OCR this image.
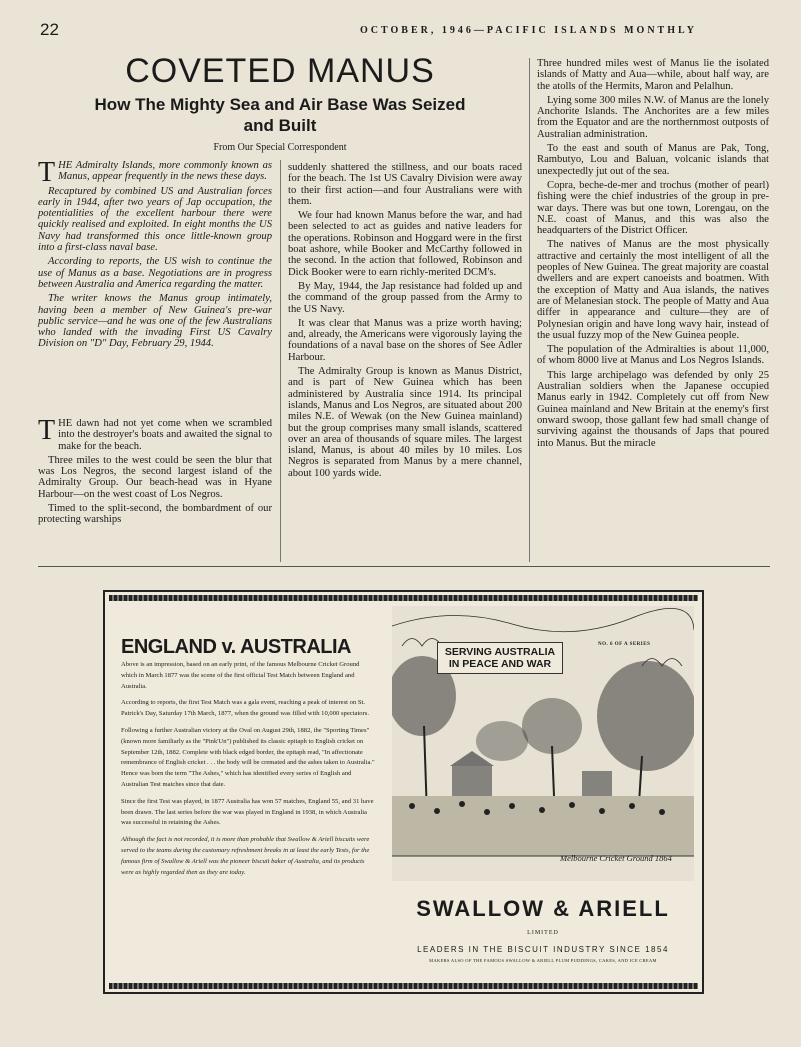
22	OCTOBER, 1946—PACIFIC ISLANDS MONTHLY
COVETED MANUS
How The Mighty Sea and Air Base Was Seized
and Built
From Our Special Correspondent

THE Admiralty Islands, more commonly known as Manus, appear frequently in the news these days.

Recaptured by combined US and Australian forces early in 1944, after two years of Jap occupation, the potentialities of the excellent harbour there were quickly realised and exploited. In eight months the US Navy had transformed this once little-known group into a first-class naval base.

According to reports, the US wish to continue the use of Manus as a base. Negotiations are in progress between Australia and America regarding the matter.

The writer knows the Manus group intimately, having been a member of New Guinea's pre-war public service—and he was one of the few Australians who landed with the invading First US Cavalry Division on "D" Day, February 29, 1944.

THE dawn had not yet come when we scrambled into the destroyer's boats and awaited the signal to make for the beach.

Three miles to the west could be seen the blur that was Los Negros, the second largest island of the Admiralty Group. Our beach-head was in Hyane Harbour—on the west coast of Los Negros.

Timed to the split-second, the bombardment of our protecting warships

suddenly shattered the stillness, and our boats raced for the beach. The 1st US Cavalry Division were away to their first action—and four Australians were with them.

We four had known Manus before the war, and had been selected to act as guides and native leaders for the operations. Robinson and Hoggard were in the first boat ashore, while Booker and McCarthy followed in the second. In the action that followed, Robinson and Dick Booker were to earn richly-merited DCM's.

By May, 1944, the Jap resistance had folded up and the command of the group passed from the Army to the US Navy.

It was clear that Manus was a prize worth having; and, already, the Americans were vigorously laying the foundations of a naval base on the shores of See Adler Harbour.

The Admiralty Group is known as Manus District, and is part of New Guinea which has been administered by Australia since 1914. Its principal islands, Manus and Los Negros, are situated about 200 miles N.E. of Wewak (on the New Guinea mainland) but the group comprises many small islands, scattered over an area of thousands of square miles. The largest island, Manus, is about 40 miles by 10 miles. Los Negros is separated from Manus by a mere channel, about 100 yards wide.

Three hundred miles west of Manus lie the isolated islands of Matty and Aua—while, about half way, are the atolls of the Hermits, Maron and Pelalhun.

Lying some 300 miles N.W. of Manus are the lonely Anchorite Islands. The Anchorites are a few miles from the Equator and are the northernmost outposts of Australian administration.

To the east and south of Manus are Pak, Tong, Rambutyo, Lou and Baluan, volcanic islands that unexpectedly jut out of the sea.

Copra, beche-de-mer and trochus (mother of pearl) fishing were the chief industries of the group in pre-war days. There was but one town, Lorengau, on the N.E. coast of Manus, and this was also the headquarters of the District Officer.

The natives of Manus are the most physically attractive and certainly the most intelligent of all the peoples of New Guinea. The great majority are coastal dwellers and are expert canoeists and boatmen. With the exception of Matty and Aua islands, the natives are of Melanesian stock. The people of Matty and Aua differ in appearance and culture—they are of Polynesian origin and have long wavy hair, instead of the usual fuzzy mop of the New Guinea people.

The population of the Admiralties is about 11,000, of whom 8000 live at Manus and Los Negros Islands.

This large archipelago was defended by only 25 Australian soldiers when the Japanese occupied Manus early in 1942. Completely cut off from New Guinea mainland and New Britain at the enemy's first onward swoop, those gallant few had small change of surviving against the thousands of Japs that poured into Manus. But the miracle

ENGLAND v. AUSTRALIA
Above is an impression, based on an early print, of the famous Melbourne Cricket Ground which in March 1877 was the scene of the first official Test Match between England and Australia.

According to reports, the first Test Match was a gala event, reaching a peak of interest on St. Patrick's Day, Saturday 17th March, 1877, when the ground was filled with 10,000 spectators.

Following a further Australian victory at the Oval on August 29th, 1882, the "Sporting Times" (known more familiarly as the "Pink'Un") published its classic epitaph to English cricket on September 12th, 1882. Complete with black edged border, the epitaph read, "In affectionate remembrance of English cricket . . . the body will be cremated and the ashes taken to Australia." Hence was born the term "The Ashes," which has identified every series of English and Australian Test matches since that date.

Since the first Test was played, in 1877 Australia has won 57 matches, England 55, and 31 have been drawn. The last series before the war was played in England in 1938, in which Australia was successful in retaining the Ashes.

Although the fact is not recorded, it is more than probable that Swallow & Ariell biscuits were served to the teams during the customary refreshment breaks in at least the early Tests, for the famous firm of Swallow & Ariell was the pioneer biscuit baker of Australia, and its products were as highly regarded then as they are today.

SERVING AUSTRALIA
IN PEACE AND WAR
NO. 6 OF A SERIES
Melbourne Cricket Ground 1864
SWALLOW & ARIELL
LIMITED
LEADERS IN THE BISCUIT INDUSTRY SINCE 1854
MAKERS ALSO OF THE FAMOUS SWALLOW & ARIELL PLUM PUDDINGS, CAKES, AND ICE CREAM
